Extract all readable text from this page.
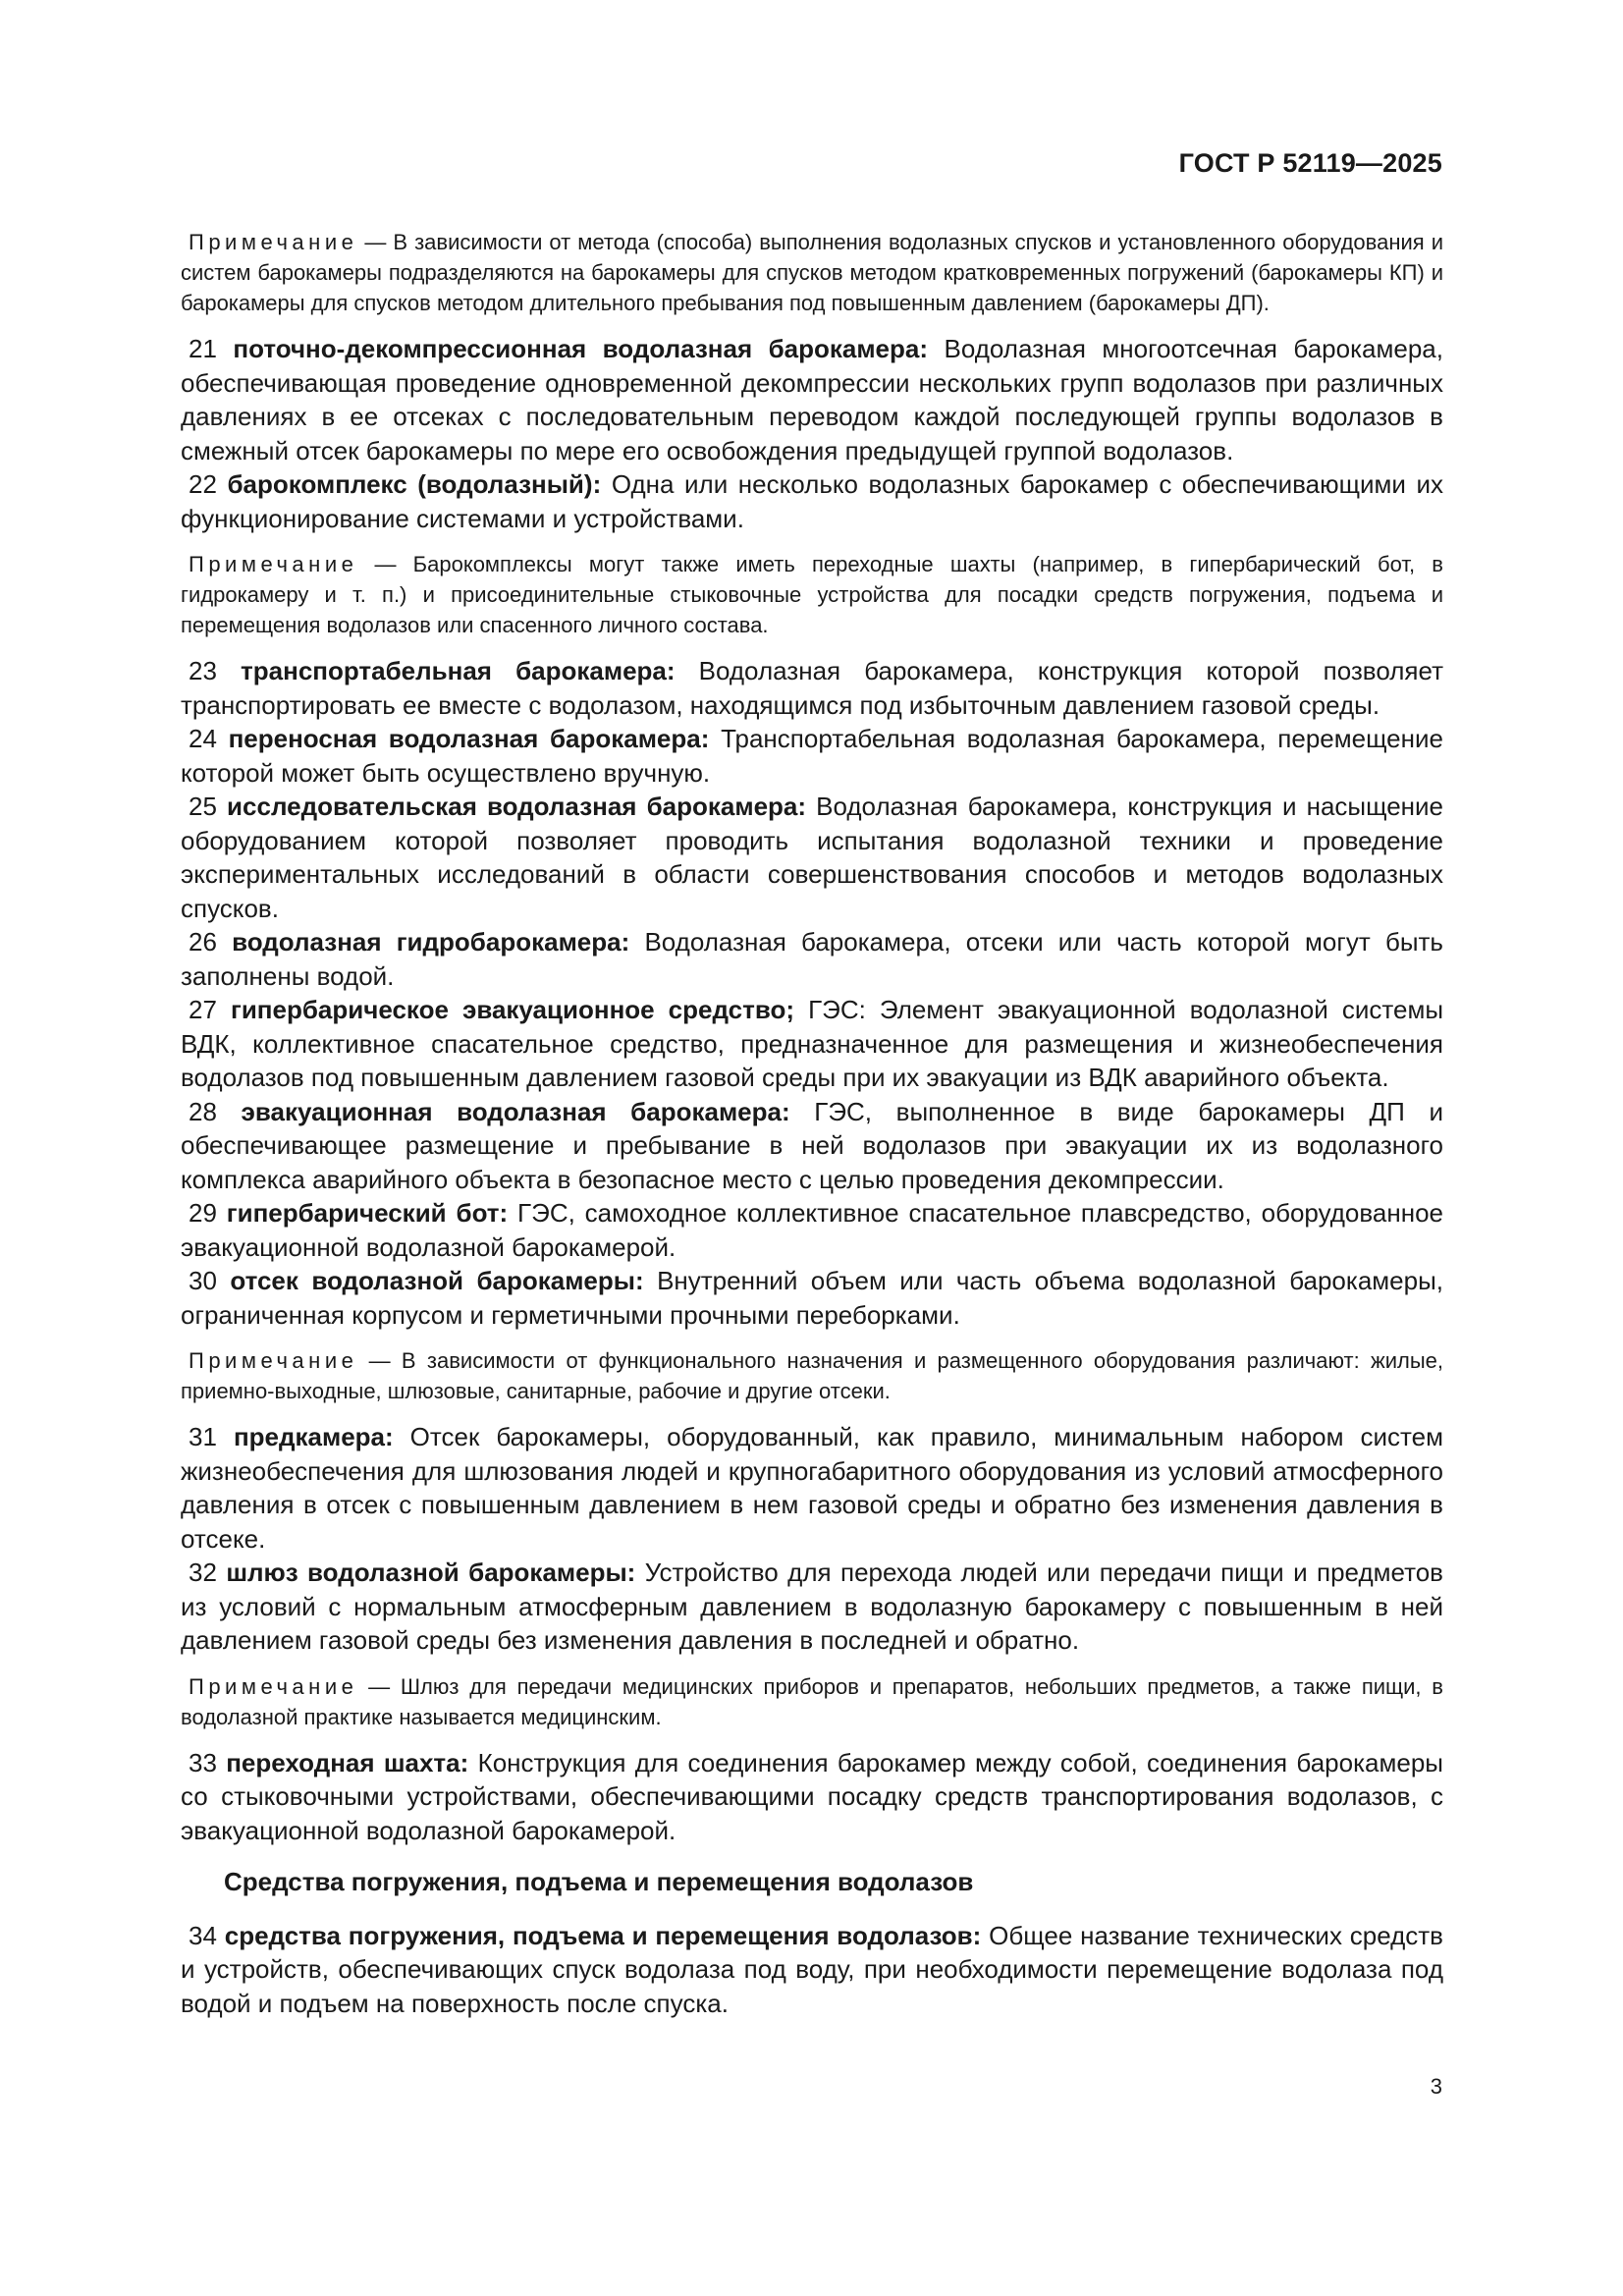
ГОСТ Р 52119—2025

Примечание — В зависимости от метода (способа) выполнения водолазных спусков и установленного оборудования и систем барокамеры подразделяются на барокамеры для спусков методом кратковременных погружений (барокамеры КП) и барокамеры для спусков методом длительного пребывания под повышенным давлением (барокамеры ДП).

21 поточно-декомпрессионная водолазная барокамера: Водолазная многоотсечная барокамера, обеспечивающая проведение одновременной декомпрессии нескольких групп водолазов при различных давлениях в ее отсеках с последовательным переводом каждой последующей группы водолазов в смежный отсек барокамеры по мере его освобождения предыдущей группой водолазов.

22 барокомплекс (водолазный): Одна или несколько водолазных барокамер с обеспечивающими их функционирование системами и устройствами.

Примечание — Барокомплексы могут также иметь переходные шахты (например, в гипербарический бот, в гидрокамеру и т. п.) и присоединительные стыковочные устройства для посадки средств погружения, подъема и перемещения водолазов или спасенного личного состава.

23 транспортабельная барокамера: Водолазная барокамера, конструкция которой позволяет транспортировать ее вместе с водолазом, находящимся под избыточным давлением газовой среды.

24 переносная водолазная барокамера: Транспортабельная водолазная барокамера, перемещение которой может быть осуществлено вручную.

25 исследовательская водолазная барокамера: Водолазная барокамера, конструкция и насыщение оборудованием которой позволяет проводить испытания водолазной техники и проведение экспериментальных исследований в области совершенствования способов и методов водолазных спусков.

26 водолазная гидробарокамера: Водолазная барокамера, отсеки или часть которой могут быть заполнены водой.

27 гипербарическое эвакуационное средство; ГЭС: Элемент эвакуационной водолазной системы ВДК, коллективное спасательное средство, предназначенное для размещения и жизнеобеспечения водолазов под повышенным давлением газовой среды при их эвакуации из ВДК аварийного объекта.

28 эвакуационная водолазная барокамера: ГЭС, выполненное в виде барокамеры ДП и обеспечивающее размещение и пребывание в ней водолазов при эвакуации их из водолазного комплекса аварийного объекта в безопасное место с целью проведения декомпрессии.

29 гипербарический бот: ГЭС, самоходное коллективное спасательное плавсредство, оборудованное эвакуационной водолазной барокамерой.

30 отсек водолазной барокамеры: Внутренний объем или часть объема водолазной барокамеры, ограниченная корпусом и герметичными прочными переборками.

Примечание — В зависимости от функционального назначения и размещенного оборудования различают: жилые, приемно-выходные, шлюзовые, санитарные, рабочие и другие отсеки.

31 предкамера: Отсек барокамеры, оборудованный, как правило, минимальным набором систем жизнеобеспечения для шлюзования людей и крупногабаритного оборудования из условий атмосферного давления в отсек с повышенным давлением в нем газовой среды и обратно без изменения давления в отсеке.

32 шлюз водолазной барокамеры: Устройство для перехода людей или передачи пищи и предметов из условий с нормальным атмосферным давлением в водолазную барокамеру с повышенным в ней давлением газовой среды без изменения давления в последней и обратно.

Примечание — Шлюз для передачи медицинских приборов и препаратов, небольших предметов, а также пищи, в водолазной практике называется медицинским.

33 переходная шахта: Конструкция для соединения барокамер между собой, соединения барокамеры со стыковочными устройствами, обеспечивающими посадку средств транспортирования водолазов, с эвакуационной водолазной барокамерой.

Средства погружения, подъема и перемещения водолазов

34 средства погружения, подъема и перемещения водолазов: Общее название технических средств и устройств, обеспечивающих спуск водолаза под воду, при необходимости перемещение водолаза под водой и подъем на поверхность после спуска.

3
